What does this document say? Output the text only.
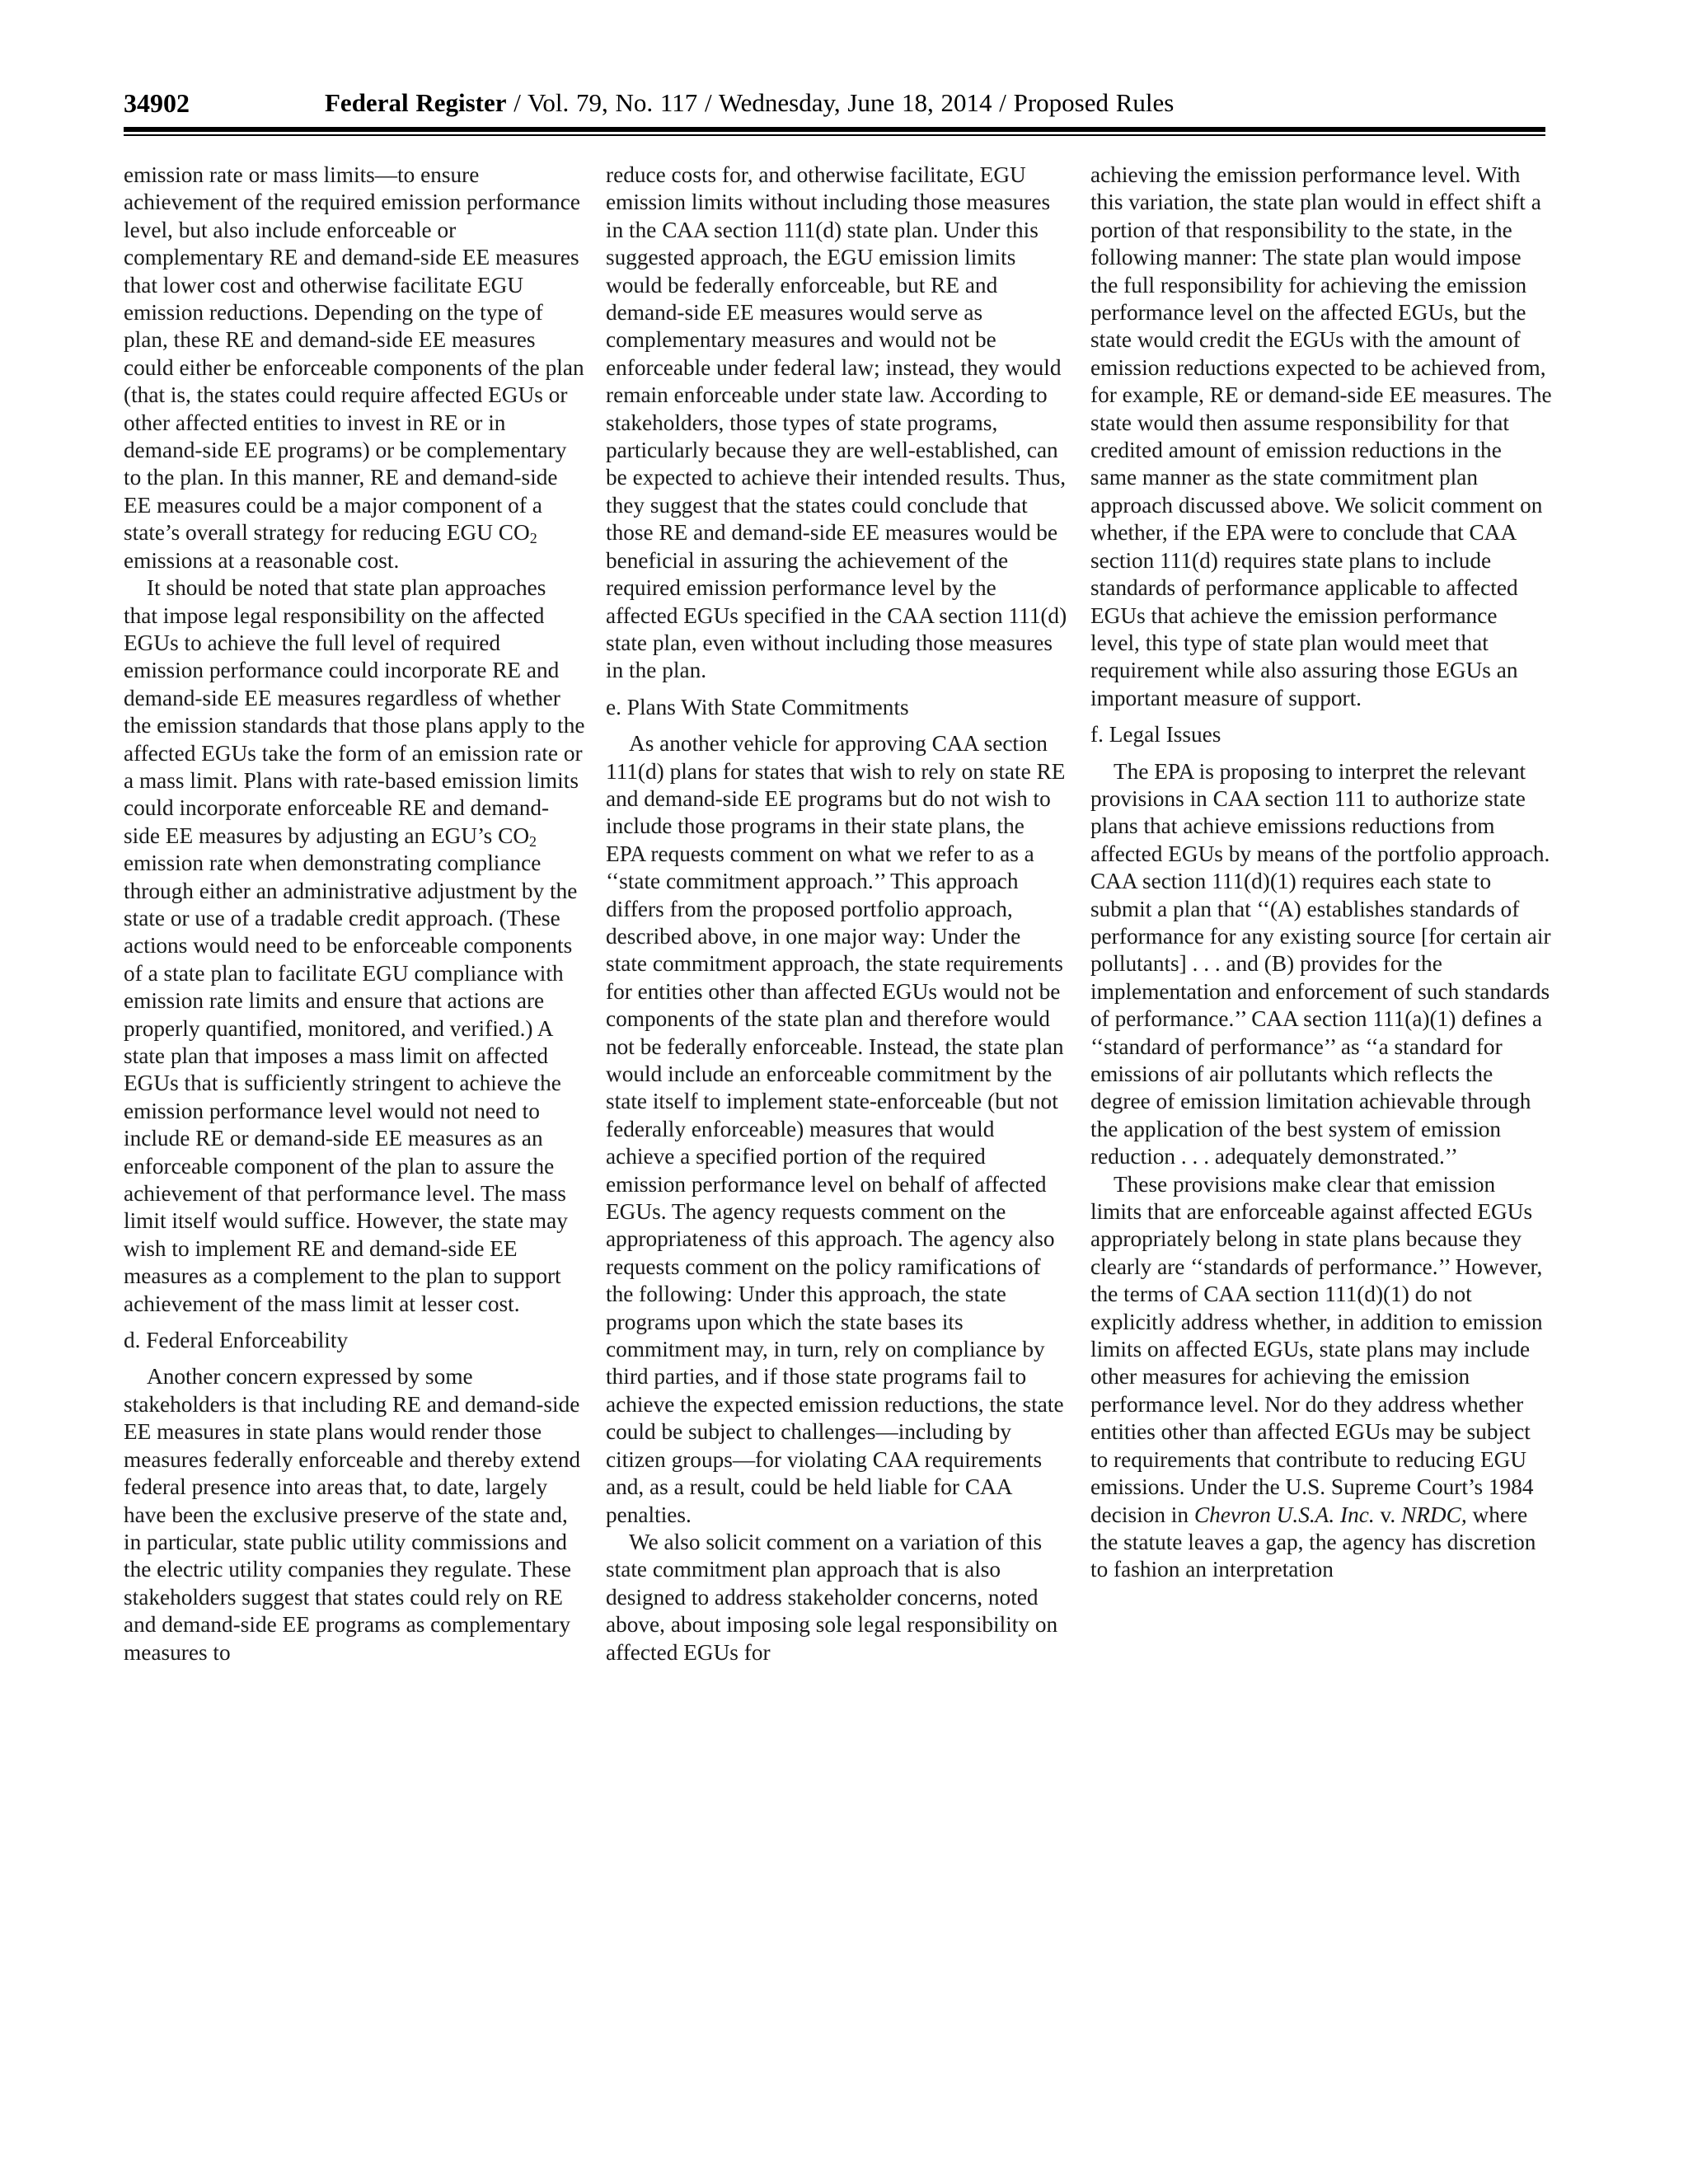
34902	Federal Register / Vol. 79, No. 117 / Wednesday, June 18, 2014 / Proposed Rules

emission rate or mass limits—to ensure achievement of the required emission performance level, but also include enforceable or complementary RE and demand-side EE measures that lower cost and otherwise facilitate EGU emission reductions. Depending on the type of plan, these RE and demand-side EE measures could either be enforceable components of the plan (that is, the states could require affected EGUs or other affected entities to invest in RE or in demand-side EE programs) or be complementary to the plan. In this manner, RE and demand-side EE measures could be a major component of a state’s overall strategy for reducing EGU $CO_2$ emissions at a reasonable cost.

It should be noted that state plan approaches that impose legal responsibility on the affected EGUs to achieve the full level of required emission performance could incorporate RE and demand-side EE measures regardless of whether the emission standards that those plans apply to the affected EGUs take the form of an emission rate or a mass limit. Plans with rate-based emission limits could incorporate enforceable RE and demand-side EE measures by adjusting an EGU’s $CO_2$ emission rate when demonstrating compliance through either an administrative adjustment by the state or use of a tradable credit approach. (These actions would need to be enforceable components of a state plan to facilitate EGU compliance with emission rate limits and ensure that actions are properly quantified, monitored, and verified.) A state plan that imposes a mass limit on affected EGUs that is sufficiently stringent to achieve the emission performance level would not need to include RE or demand-side EE measures as an enforceable component of the plan to assure the achievement of that performance level. The mass limit itself would suffice. However, the state may wish to implement RE and demand-side EE measures as a complement to the plan to support achievement of the mass limit at lesser cost.

d. Federal Enforceability

Another concern expressed by some stakeholders is that including RE and demand-side EE measures in state plans would render those measures federally enforceable and thereby extend federal presence into areas that, to date, largely have been the exclusive preserve of the state and, in particular, state public utility commissions and the electric utility companies they regulate. These stakeholders suggest that states could rely on RE and demand-side EE programs as complementary measures to

reduce costs for, and otherwise facilitate, EGU emission limits without including those measures in the CAA section 111(d) state plan. Under this suggested approach, the EGU emission limits would be federally enforceable, but RE and demand-side EE measures would serve as complementary measures and would not be enforceable under federal law; instead, they would remain enforceable under state law. According to stakeholders, those types of state programs, particularly because they are well-established, can be expected to achieve their intended results. Thus, they suggest that the states could conclude that those RE and demand-side EE measures would be beneficial in assuring the achievement of the required emission performance level by the affected EGUs specified in the CAA section 111(d) state plan, even without including those measures in the plan.

e. Plans With State Commitments

As another vehicle for approving CAA section 111(d) plans for states that wish to rely on state RE and demand-side EE programs but do not wish to include those programs in their state plans, the EPA requests comment on what we refer to as a ‘‘state commitment approach.’’ This approach differs from the proposed portfolio approach, described above, in one major way: Under the state commitment approach, the state requirements for entities other than affected EGUs would not be components of the state plan and therefore would not be federally enforceable. Instead, the state plan would include an enforceable commitment by the state itself to implement state-enforceable (but not federally enforceable) measures that would achieve a specified portion of the required emission performance level on behalf of affected EGUs. The agency requests comment on the appropriateness of this approach. The agency also requests comment on the policy ramifications of the following: Under this approach, the state programs upon which the state bases its commitment may, in turn, rely on compliance by third parties, and if those state programs fail to achieve the expected emission reductions, the state could be subject to challenges—including by citizen groups—for violating CAA requirements and, as a result, could be held liable for CAA penalties.

We also solicit comment on a variation of this state commitment plan approach that is also designed to address stakeholder concerns, noted above, about imposing sole legal responsibility on affected EGUs for

achieving the emission performance level. With this variation, the state plan would in effect shift a portion of that responsibility to the state, in the following manner: The state plan would impose the full responsibility for achieving the emission performance level on the affected EGUs, but the state would credit the EGUs with the amount of emission reductions expected to be achieved from, for example, RE or demand-side EE measures. The state would then assume responsibility for that credited amount of emission reductions in the same manner as the state commitment plan approach discussed above. We solicit comment on whether, if the EPA were to conclude that CAA section 111(d) requires state plans to include standards of performance applicable to affected EGUs that achieve the emission performance level, this type of state plan would meet that requirement while also assuring those EGUs an important measure of support.

f. Legal Issues

The EPA is proposing to interpret the relevant provisions in CAA section 111 to authorize state plans that achieve emissions reductions from affected EGUs by means of the portfolio approach. CAA section 111(d)(1) requires each state to submit a plan that ‘‘(A) establishes standards of performance for any existing source [for certain air pollutants] . . . and (B) provides for the implementation and enforcement of such standards of performance.’’ CAA section 111(a)(1) defines a ‘‘standard of performance’’ as ‘‘a standard for emissions of air pollutants which reflects the degree of emission limitation achievable through the application of the best system of emission reduction . . . adequately demonstrated.’’

These provisions make clear that emission limits that are enforceable against affected EGUs appropriately belong in state plans because they clearly are ‘‘standards of performance.’’ However, the terms of CAA section 111(d)(1) do not explicitly address whether, in addition to emission limits on affected EGUs, state plans may include other measures for achieving the emission performance level. Nor do they address whether entities other than affected EGUs may be subject to requirements that contribute to reducing EGU emissions. Under the U.S. Supreme Court’s 1984 decision in Chevron U.S.A. Inc. v. NRDC, where the statute leaves a gap, the agency has discretion to fashion an interpretation
